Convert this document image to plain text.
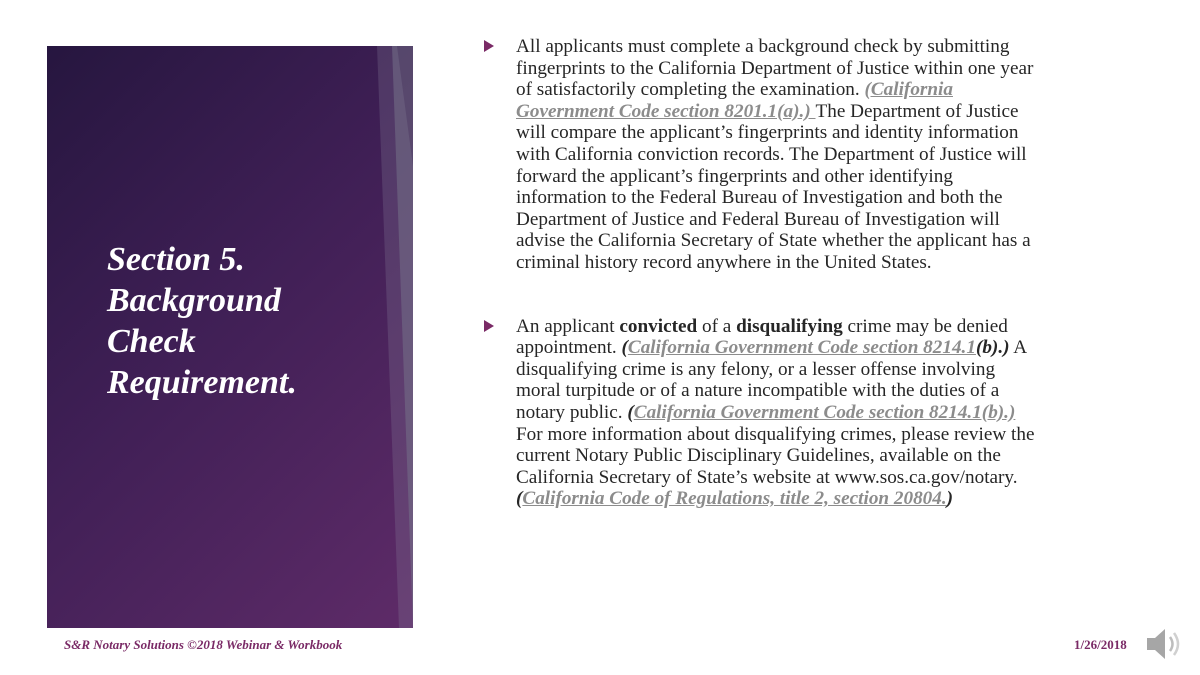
Section 5.
Background
Check
Requirement.
All applicants must complete a background check by submitting fingerprints to the California Department of Justice within one year of satisfactorily completing the examination. (California Government Code section 8201.1(a).) The Department of Justice will compare the applicant’s fingerprints and identity information with California conviction records. The Department of Justice will forward the applicant’s fingerprints and other identifying information to the Federal Bureau of Investigation and both the Department of Justice and Federal Bureau of Investigation will advise the California Secretary of State whether the applicant has a criminal history record anywhere in the United States.
An applicant convicted of a disqualifying crime may be denied appointment. (California Government Code section 8214.1(b).) A disqualifying crime is any felony, or a lesser offense involving moral turpitude or of a nature incompatible with the duties of a notary public. (California Government Code section 8214.1(b).) For more information about disqualifying crimes, please review the current Notary Public Disciplinary Guidelines, available on the California Secretary of State’s website at www.sos.ca.gov/notary. (California Code of Regulations, title 2, section 20804.)
S&R Notary Solutions ©2018 Webinar & Workbook	1/26/2018
